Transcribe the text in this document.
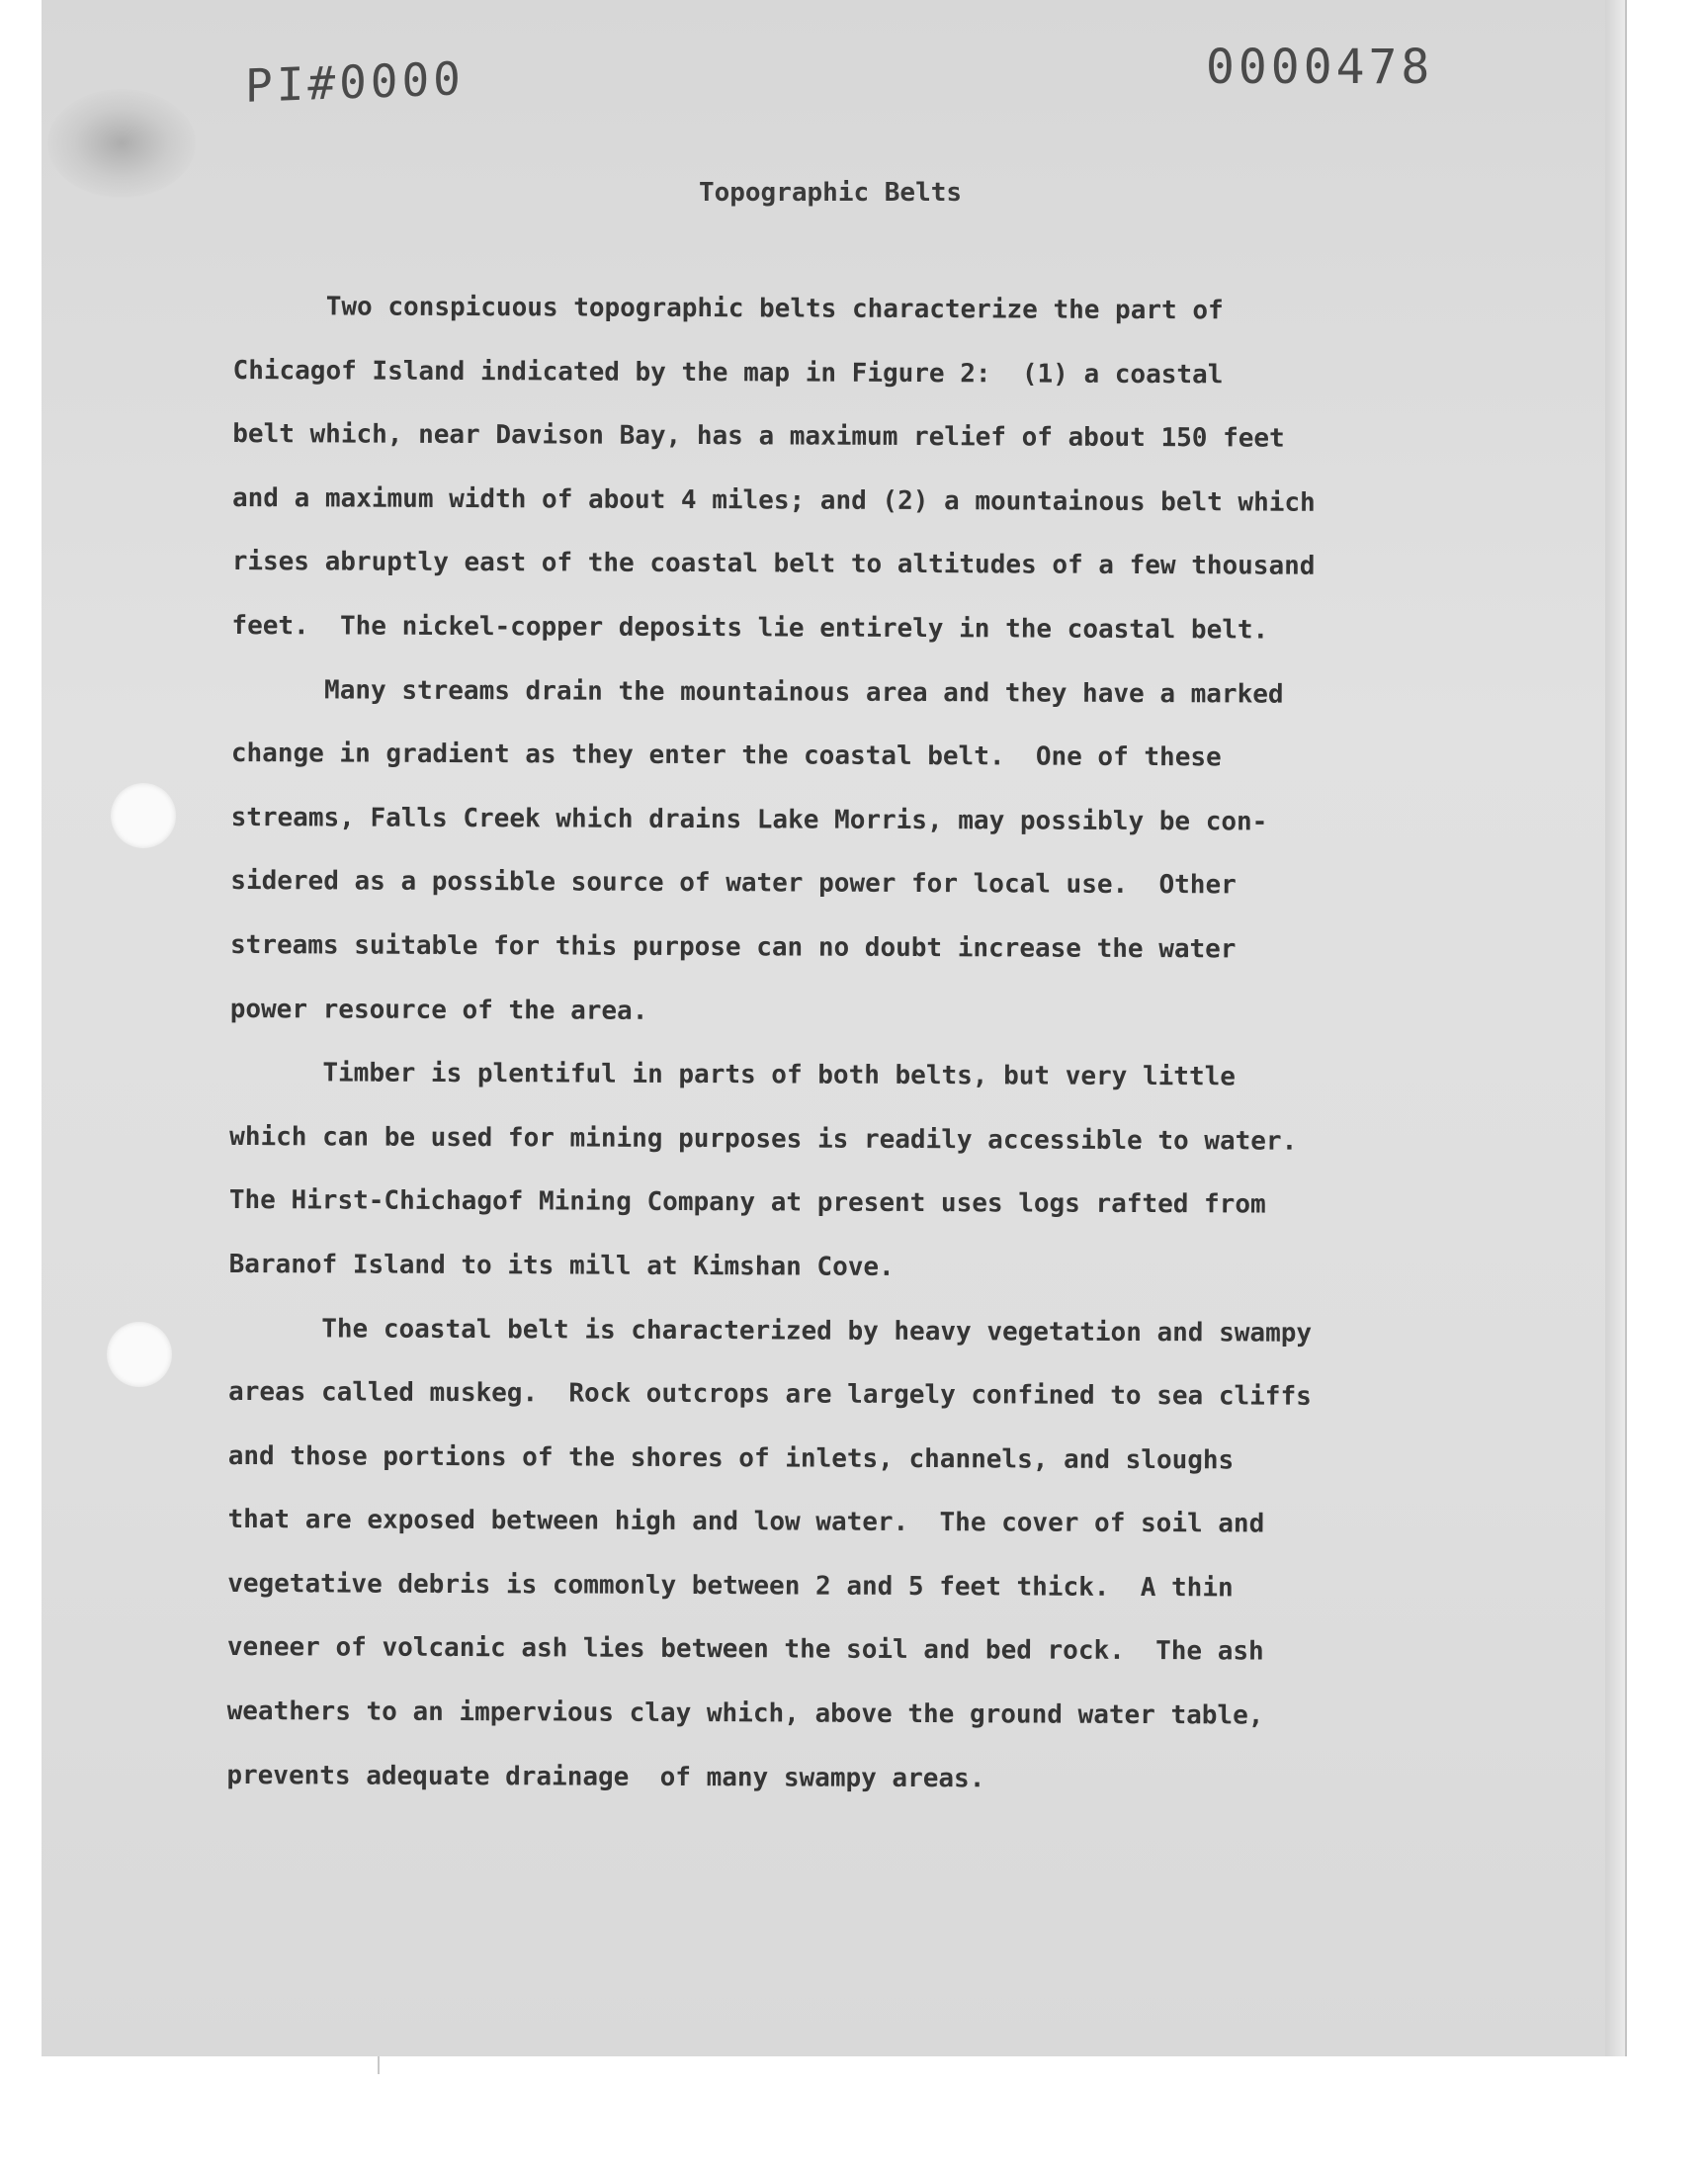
PI#0000	0000478
Topographic Belts
Two conspicuous topographic belts characterize the part of
Chicagof Island indicated by the map in Figure 2:  (1) a coastal
belt which, near Davison Bay, has a maximum relief of about 150 feet
and a maximum width of about 4 miles; and (2) a mountainous belt which
rises abruptly east of the coastal belt to altitudes of a few thousand
feet.  The nickel-copper deposits lie entirely in the coastal belt.
Many streams drain the mountainous area and they have a marked
change in gradient as they enter the coastal belt.  One of these
streams, Falls Creek which drains Lake Morris, may possibly be con-
sidered as a possible source of water power for local use.  Other
streams suitable for this purpose can no doubt increase the water
power resource of the area.
Timber is plentiful in parts of both belts, but very little
which can be used for mining purposes is readily accessible to water.
The Hirst-Chichagof Mining Company at present uses logs rafted from
Baranof Island to its mill at Kimshan Cove.
The coastal belt is characterized by heavy vegetation and swampy
areas called muskeg.  Rock outcrops are largely confined to sea cliffs
and those portions of the shores of inlets, channels, and sloughs
that are exposed between high and low water.  The cover of soil and
vegetative debris is commonly between 2 and 5 feet thick.  A thin
veneer of volcanic ash lies between the soil and bed rock.  The ash
weathers to an impervious clay which, above the ground water table,
prevents adequate drainage  of many swampy areas.
